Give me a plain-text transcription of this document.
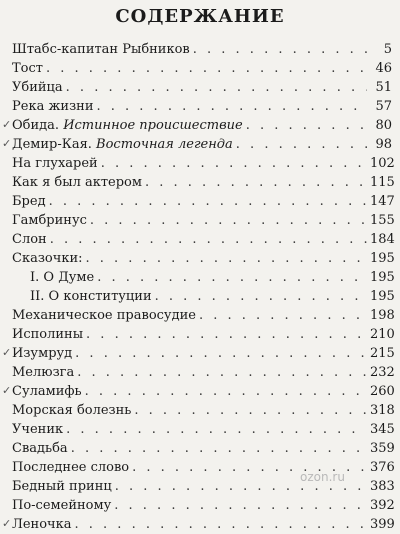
СОДЕРЖАНИЕ
Штабс-капитан Рыбников . . .	5
Тост . . .	46
Убийца . . .	51
Река жизни . . .	57
✓ Обида. Истинное происшествие . . .	80
✓ Демир-Кая. Восточная легенда . . .	98
На глухарей . . .	102
Как я был актером . . .	115
Бред . . .	147
Гамбринус . . .	155
Слон . . .	184
Сказочки: . . .	195
I. О Думе . . .	195
II. О конституции . . .	195
Механическое правосудие . . .	198
Исполины . . .	210
✓ Изумруд . . .	215
Мелюзга . . .	232
✓ Суламифь . . .	260
Морская болезнь . . .	318
Ученик . . .	345
Свадьба . . .	359
Последнее слово . . .	376
Бедный принц . . .	383
По-семейному . . .	392
✓ Леночка . . .	399
ozon.ru
